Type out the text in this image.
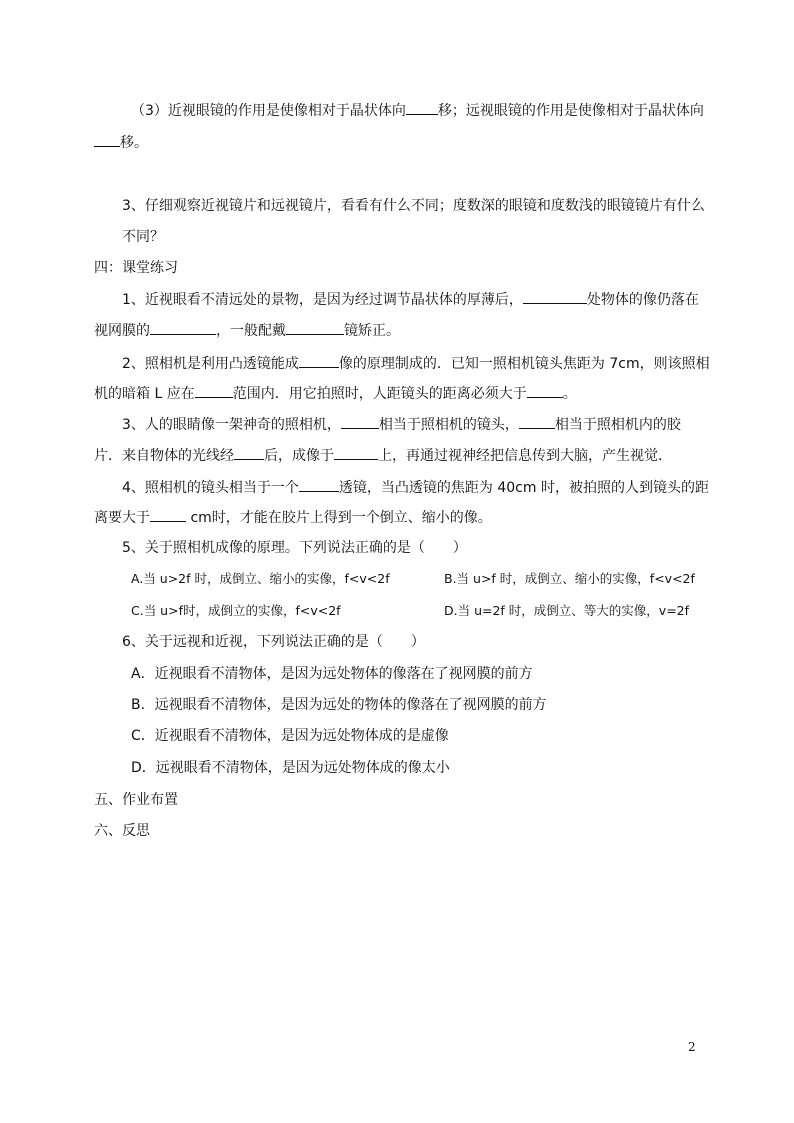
（3）近视眼镜的作用是使像相对于晶状体向 移；远视眼镜的作用是使像相对于晶状体向
移。
3、仔细观察近视镜片和远视镜片，看看有什么不同；度数深的眼镜和度数浅的眼镜镜片有什么
不同？
四：课堂练习
1、近视眼看不清远处的景物，是因为经过调节晶状体的厚薄后，	处物体的像仍落在
视网膜的	，一般配戴	镜矫正。
2、照相机是利用凸透镜能成	像的原理制成的．已知一照相机镜头焦距为 7cm，则该照相
机的暗箱 L 应在	范围内．用它拍照时，人距镜头的距离必须大于	。
3、人的眼睛像一架神奇的照相机，	相当于照相机的镜头，	相当于照相机内的胶
片．来自物体的光线经 后，成像于	上，再通过视神经把信息传到大脑，产生视觉．
4、照相机的镜头相当于一个	透镜，当凸透镜的焦距为 40cm 时，被拍照的人到镜头的距
离要大于	cm时，才能在胶片上得到一个倒立、缩小的像。
5、关于照相机成像的原理。下列说法正确的是（　　）
A.当 u>2f 时，成倒立、缩小的实像，f<v<2f	B.当 u>f 时，成倒立、缩小的实像，f<v<2f
C.当 u>f时，成倒立的实像，f<v<2f	D.当 u=2f 时，成倒立、等大的实像，v=2f
6、关于远视和近视，下列说法正确的是（　　）
A．近视眼看不清物体，是因为远处物体的像落在了视网膜的前方
B．远视眼看不清物体，是因为远处的物体的像落在了视网膜的前方
C．近视眼看不清物体，是因为远处物体成的是虚像
D．远视眼看不清物体，是因为远处物体成的像太小
五、作业布置
六、反思
2
